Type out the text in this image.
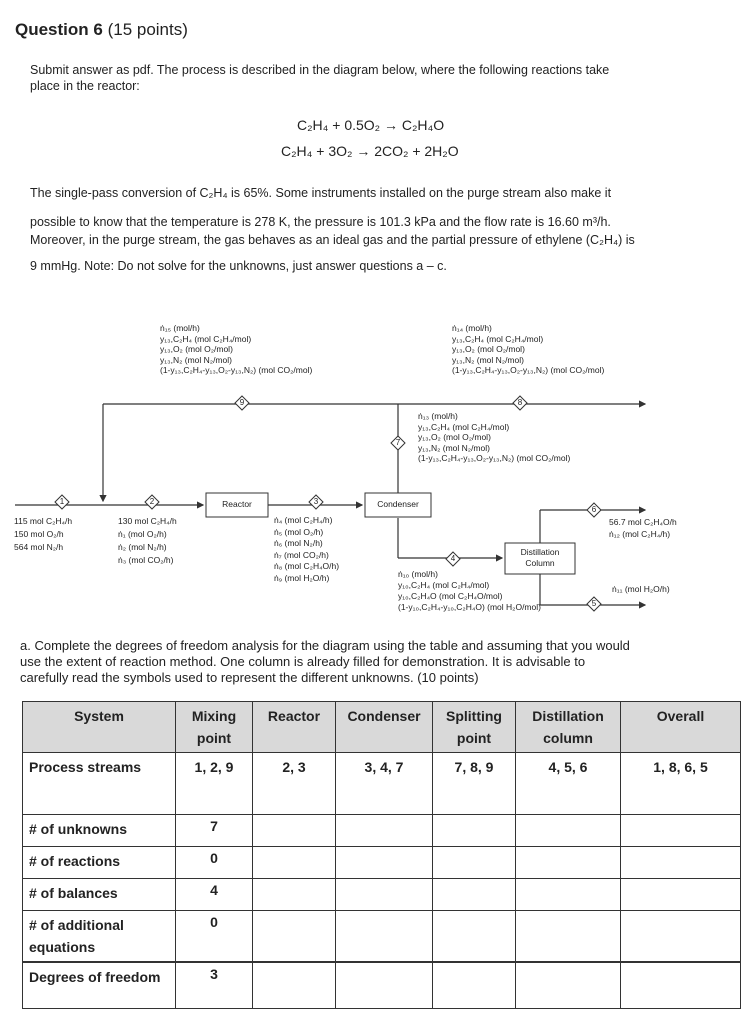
Question 6 (15 points)
Submit answer as pdf. The process is described in the diagram below, where the following reactions take
place in the reactor:
C₂H₄ + 0.5O₂ → C₂H₄O
C₂H₄ + 3O₂ → 2CO₂ + 2H₂O
The single-pass conversion of C₂H₄ is 65%. Some instruments installed on the purge stream also make it
possible to know that the temperature is 278 K, the pressure is 101.3 kPa and the flow rate is 16.60 m³/h.
Moreover, in the purge stream, the gas behaves as an ideal gas and the partial pressure of ethylene (C₂H₄) is
9 mmHg. Note: Do not solve for the unknowns, just answer questions a – c.
1	2	3
4
5
6
7
8
9
Reactor	Condenser
Distillation Column
ṅ₁₅ (mol/h)
y₁₃,C₂H₄ (mol C₂H₄/mol)
y₁₃,O₂ (mol O₂/mol)
y₁₃,N₂ (mol N₂/mol)
(1-y₁₃,C₂H₄-y₁₃,O₂-y₁₃,N₂) (mol CO₂/mol)
ṅ₁₄ (mol/h)
y₁₃,C₂H₄ (mol C₂H₄/mol)
y₁₃,O₂ (mol O₂/mol)
y₁₃,N₂ (mol N₂/mol)
(1-y₁₃,C₂H₄-y₁₃,O₂-y₁₃,N₂) (mol CO₂/mol)
ṅ₁₃ (mol/h)
y₁₃,C₂H₄ (mol C₂H₄/mol)
y₁₃,O₂ (mol O₂/mol)
y₁₃,N₂ (mol N₂/mol)
(1-y₁₃,C₂H₄-y₁₃,O₂-y₁₃,N₂) (mol CO₂/mol)
115 mol C₂H₄/h
150 mol O₂/h
564 mol N₂/h
130 mol C₂H₄/h
ṅ₁ (mol O₂/h)
ṅ₂ (mol N₂/h)
ṅ₃ (mol CO₂/h)
ṅ₄ (mol C₂H₄/h)
ṅ₅ (mol O₂/h)
ṅ₆ (mol N₂/h)
ṅ₇ (mol CO₂/h)
ṅ₈ (mol C₂H₄O/h)
ṅ₉ (mol H₂O/h)	ṅ₁₀ (mol/h)
y₁₀,C₂H₄ (mol C₂H₄/mol)
y₁₀,C₂H₄O (mol C₂H₄O/mol)
(1-y₁₀,C₂H₄-y₁₀,C₂H₄O) (mol H₂O/mol)
56.7 mol C₂H₄O/h
ṅ₁₂ (mol C₂H₄/h)
ṅ₁₁ (mol H₂O/h)
a. Complete the degrees of freedom analysis for the diagram using the table and assuming that you would
use the extent of reaction method. One column is already filled for demonstration. It is advisable to
carefully read the symbols used to represent the different unknowns. (10 points)
System	Mixing point	Reactor	Condenser	Splitting point	Distillation column	Overall
Process streams	1, 2, 9	2, 3	3, 4, 7	7, 8, 9	4, 5, 6	1, 8, 6, 5
# of unknowns	7					
# of reactions	0					
# of balances	4					
# of additional equations	0					
Degrees of freedom	3					
